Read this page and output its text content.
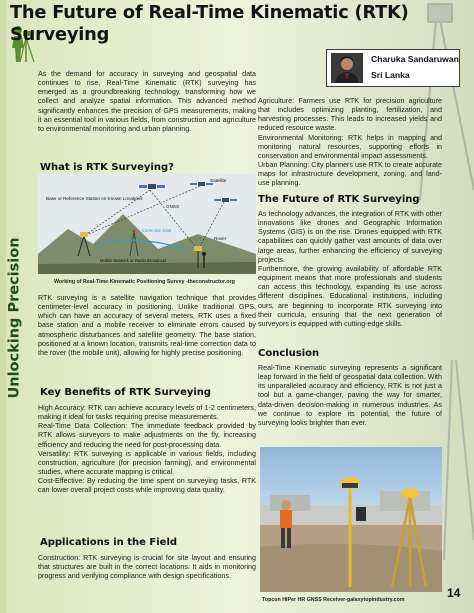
The Future of Real-Time Kinematic (RTK)
Surveying
Unlocking Precision
Charuka Sandaruwan
Sri Lanka

As the demand for accuracy in surveying and geospatial data continues to rise, Real-Time Kinematic (RTK) surveying has emerged as a groundbreaking technology, transforming how we collect and analyze spatial information. This advanced method significantly enhances the precision of GPS measurements, making it an essential tool in various fields, from construction and agriculture to environmental monitoring and urban planning.

What is RTK Surveying?
Base or Reference Station on Known Locations
GNSS
Satellite
Rover
Mobile Network or Radio Broadcast
Correction Data
Working of Real-Time Kinematic Positioning Survey -theconstructor.org

RTK surveying is a satellite navigation technique that provides centimeter-level accuracy in positioning. Unlike traditional GPS, which can have an accuracy of several meters, RTK uses a fixed base station and a mobile receiver to eliminate errors caused by atmospheric disturbances and satellite geometry. The base station, positioned at a known location, transmits real-time correction data to the rover (the mobile unit), allowing for highly precise positioning.

Key Benefits of RTK Surveying

High Accuracy: RTK can achieve accuracy levels of 1-2 centimeters, making it ideal for tasks requiring precise measurements.

Real-Time Data Collection: The immediate feedback provided by RTK allows surveyors to make adjustments on the fly, increasing efficiency and reducing the need for post-processing data.

Versatility: RTK surveying is applicable in various fields, including construction, agriculture (for precision farming), and environmental studies, where accurate mapping is critical.

Cost-Effective: By reducing the time spent on surveying tasks, RTK can lower overall project costs while improving data quality.

Applications in the Field

Construction: RTK surveying is crucial for site layout and ensuring that structures are built in the correct locations. It aids in monitoring progress and verifying compliance with design specifications.

Agriculture: Farmers use RTK for precision agriculture that includes optimizing planting, fertilization, and harvesting processes. This leads to increased yields and reduced resource waste.

Environmental Monitoring: RTK helps in mapping and monitoring natural resources, supporting efforts in conservation and environmental impact assessments.

Urban Planning: City planners use RTK to create accurate maps for infrastructure development, zoning, and land-use planning.

The Future of RTK Surveying

As technology advances, the integration of RTK with other innovations like drones and Geographic Information Systems (GIS) is on the rise. Drones equipped with RTK capabilities can quickly gather vast amounts of data over large areas, further enhancing the efficiency of surveying projects.

Furthermore, the growing availability of affordable RTK equipment means that more professionals and students can access this technology, expanding its use across different disciplines. Educational institutions, including ours, are beginning to incorporate RTK surveying into their curricula, ensuring that the next generation of surveyors is equipped with cutting-edge skills.

Conclusion

Real-Time Kinematic surveying represents a significant leap forward in the field of geospatial data collection. With its unparalleled accuracy and efficiency, RTK is not just a tool but a game-changer, paving the way for smarter, data-driven decision-making in numerous industries. As we continue to explore its potential, the future of surveying looks brighter than ever.

Topcon HiPer HR GNSS Receiver-galaxytopindustry.com	14
